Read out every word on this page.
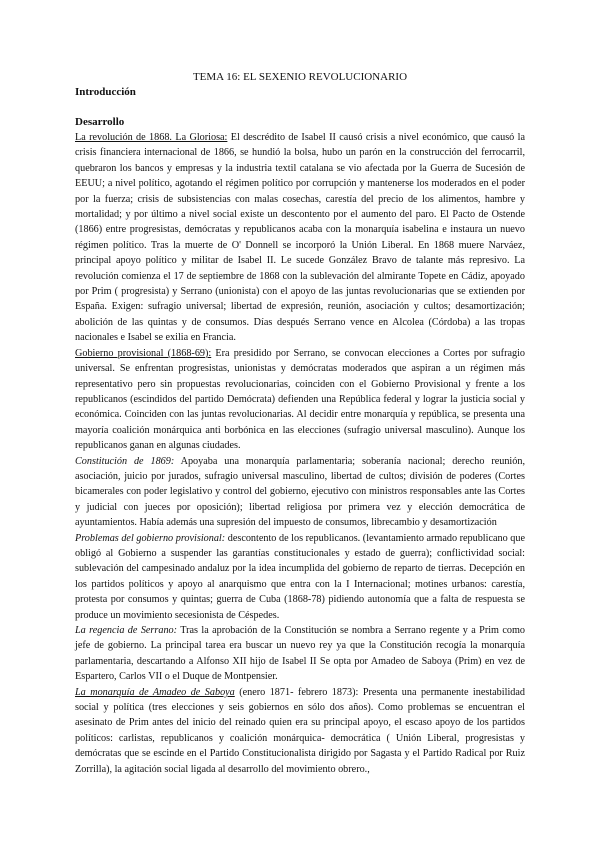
TEMA 16: EL SEXENIO REVOLUCIONARIO

Introducción

Desarrollo

La revolución de 1868. La Gloriosa: El descrédito de Isabel II causó crisis a nivel económico, que causó la crisis financiera internacional de 1866, se hundió la bolsa, hubo un parón en la construcción del ferrocarril, quebraron los bancos y empresas y la industria textil catalana se vio afectada por la Guerra de Sucesión de EEUU; a nivel político, agotando el régimen político por corrupción y mantenerse los moderados en el poder por la fuerza; crisis de subsistencias con malas cosechas, carestía del precio de los alimentos, hambre y mortalidad; y por último a nivel social existe un descontento por el aumento del paro. El Pacto de Ostende (1866) entre progresistas, demócratas y republicanos acaba con la monarquía isabelina e instaura un nuevo régimen político. Tras la muerte de O' Donnell se incorporó la Unión Liberal. En 1868 muere Narváez, principal apoyo político y militar de Isabel II. Le sucede González Bravo de talante más represivo. La revolución comienza el 17 de septiembre de 1868 con la sublevación del almirante Topete en Cádiz, apoyado por Prim ( progresista) y Serrano (unionista) con el apoyo de las juntas revolucionarias que se extienden por España. Exigen: sufragio universal; libertad de expresión, reunión, asociación y cultos; desamortización; abolición de las quintas y de consumos. Días después Serrano vence en Alcolea (Córdoba) a las tropas nacionales e Isabel se exilia en Francia.

Gobierno provisional (1868-69): Era presidido por Serrano, se convocan elecciones a Cortes por sufragio universal. Se enfrentan progresistas, unionistas y demócratas moderados que aspiran a un régimen más representativo pero sin propuestas revolucionarias, coinciden con el Gobierno Provisional y frente a los republicanos (escindidos del partido Demócrata) defienden una República federal y lograr la justicia social y económica. Coinciden con las juntas revolucionarias. Al decidir entre monarquía y república, se presenta una mayoría coalición monárquica anti borbónica en las elecciones (sufragio universal masculino). Aunque los republicanos ganan en algunas ciudades.

Constitución de 1869: Apoyaba una monarquía parlamentaria; soberanía nacional; derecho reunión, asociación, juicio por jurados, sufragio universal masculino, libertad de cultos; división de poderes (Cortes bicamerales con poder legislativo y control del gobierno, ejecutivo con ministros responsables ante las Cortes y judicial con jueces por oposición); libertad religiosa por primera vez y elección democrática de ayuntamientos. Había además una supresión del impuesto de consumos, librecambio y desamortización

Problemas del gobierno provisional: descontento de los republicanos. (levantamiento armado republicano que obligó al Gobierno a suspender las garantías constitucionales y estado de guerra); conflictividad social: sublevación del campesinado andaluz por la idea incumplida del gobierno de reparto de tierras. Decepción en los partidos políticos y apoyo al anarquismo que entra con la I Internacional; motines urbanos: carestía, protesta por consumos y quintas; guerra de Cuba (1868-78) pidiendo autonomía que a falta de respuesta se produce un movimiento secesionista de Céspedes.

La regencia de Serrano: Tras la aprobación de la Constitución se nombra a Serrano regente y a Prim como jefe de gobierno. La principal tarea era buscar un nuevo rey ya que la Constitución recogía la monarquía parlamentaria, descartando a Alfonso XII hijo de Isabel II Se opta por Amadeo de Saboya (Prim) en vez de Espartero, Carlos VII o el Duque de Montpensier.

La monarquía de Amadeo de Saboya (enero 1871- febrero 1873): Presenta una permanente inestabilidad social y política (tres elecciones y seis gobiernos en sólo dos años). Como problemas se encuentran el asesinato de Prim antes del inicio del reinado quien era su principal apoyo, el escaso apoyo de los partidos políticos: carlistas, republicanos y coalición monárquica- democrática ( Unión Liberal, progresistas y demócratas que se escinde en el Partido Constitucionalista dirigido por Sagasta y el Partido Radical por Ruiz Zorrilla), la agitación social ligada al desarrollo del movimiento obrero.,
